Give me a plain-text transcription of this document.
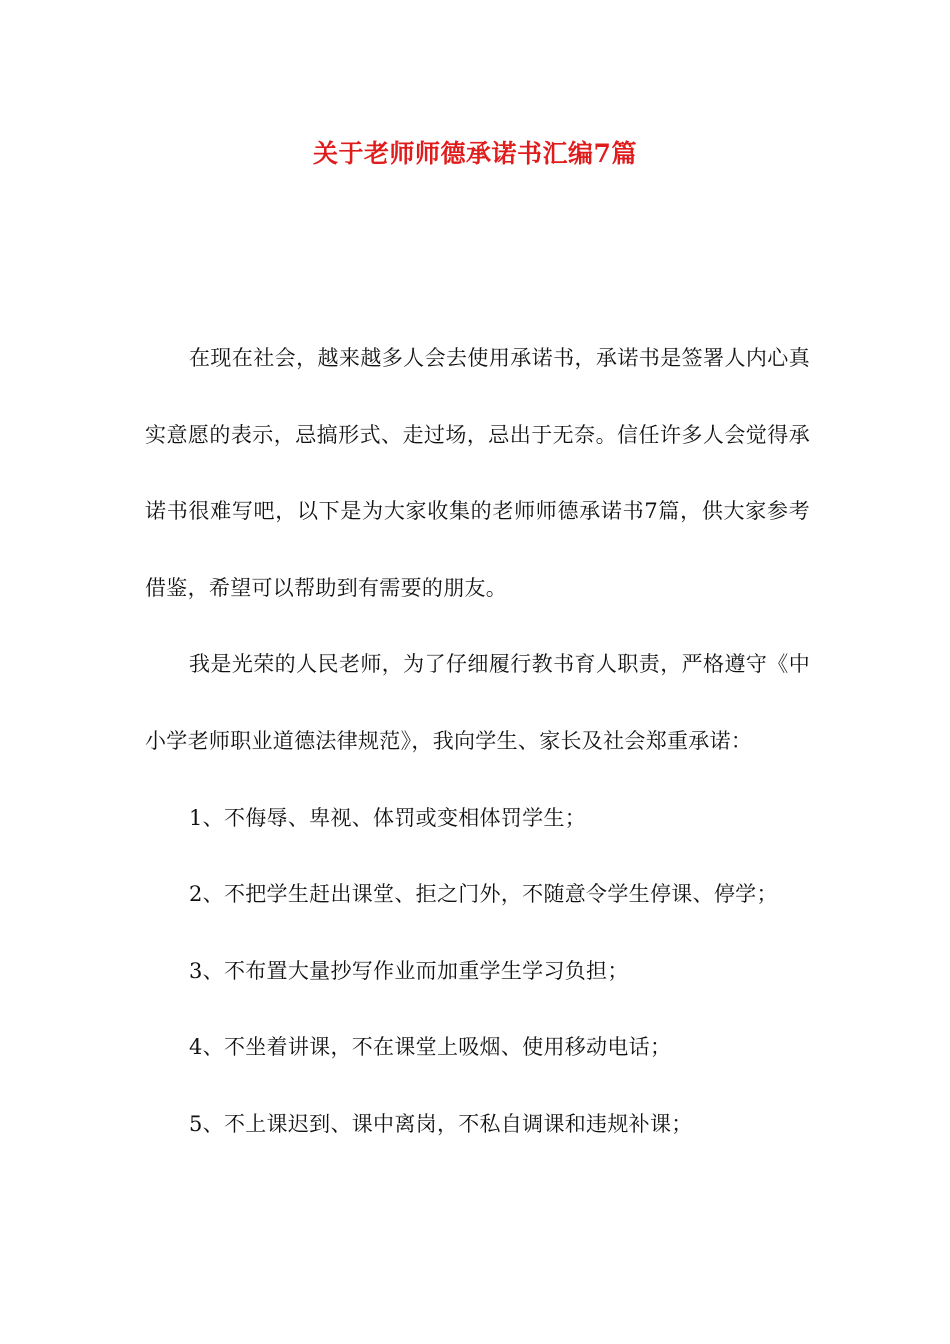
关于老师师德承诺书汇编7篇

在现在社会，越来越多人会去使用承诺书，承诺书是签署人内心真实意愿的表示，忌搞形式、走过场，忌出于无奈。信任许多人会觉得承诺书很难写吧，以下是为大家收集的老师师德承诺书7篇，供大家参考借鉴，希望可以帮助到有需要的朋友。

我是光荣的人民老师，为了仔细履行教书育人职责，严格遵守《中小学老师职业道德法律规范》，我向学生、家长及社会郑重承诺：

1、不侮辱、卑视、体罚或变相体罚学生；

2、不把学生赶出课堂、拒之门外，不随意令学生停课、停学；

3、不布置大量抄写作业而加重学生学习负担；

4、不坐着讲课，不在课堂上吸烟、使用移动电话；

5、不上课迟到、课中离岗，不私自调课和违规补课；
